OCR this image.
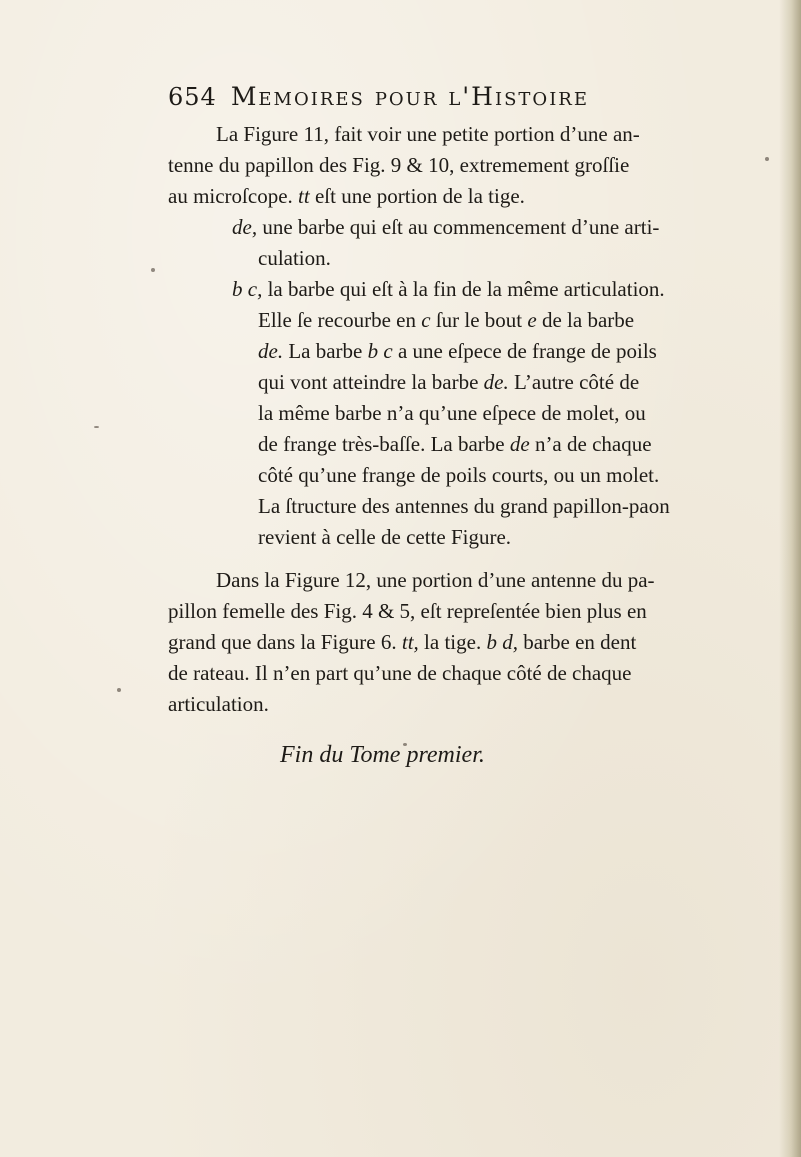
654 Memoires pour l'Histoire
La Figure 11, fait voir une petite portion d’une an-
tenne du papillon des Fig. 9 & 10, extremement groſſie
au microſcope. tt eſt une portion de la tige.
de, une barbe qui eſt au commencement d’une arti-
culation.
b c, la barbe qui eſt à la fin de la même articulation.
Elle ſe recourbe en c ſur le bout e de la barbe
de. La barbe b c a une eſpece de frange de poils
qui vont atteindre la barbe de. L’autre côté de
la même barbe n’a qu’une eſpece de molet, ou
de frange très-baſſe. La barbe de n’a de chaque
côté qu’une frange de poils courts, ou un molet.
La ſtructure des antennes du grand papillon-paon
revient à celle de cette Figure.
Dans la Figure 12, une portion d’une antenne du pa-
pillon femelle des Fig. 4 & 5, eſt repreſentée bien plus en
grand que dans la Figure 6. tt, la tige. b d, barbe en dent
de rateau. Il n’en part qu’une de chaque côté de chaque
articulation.
Fin du Tome premier.
